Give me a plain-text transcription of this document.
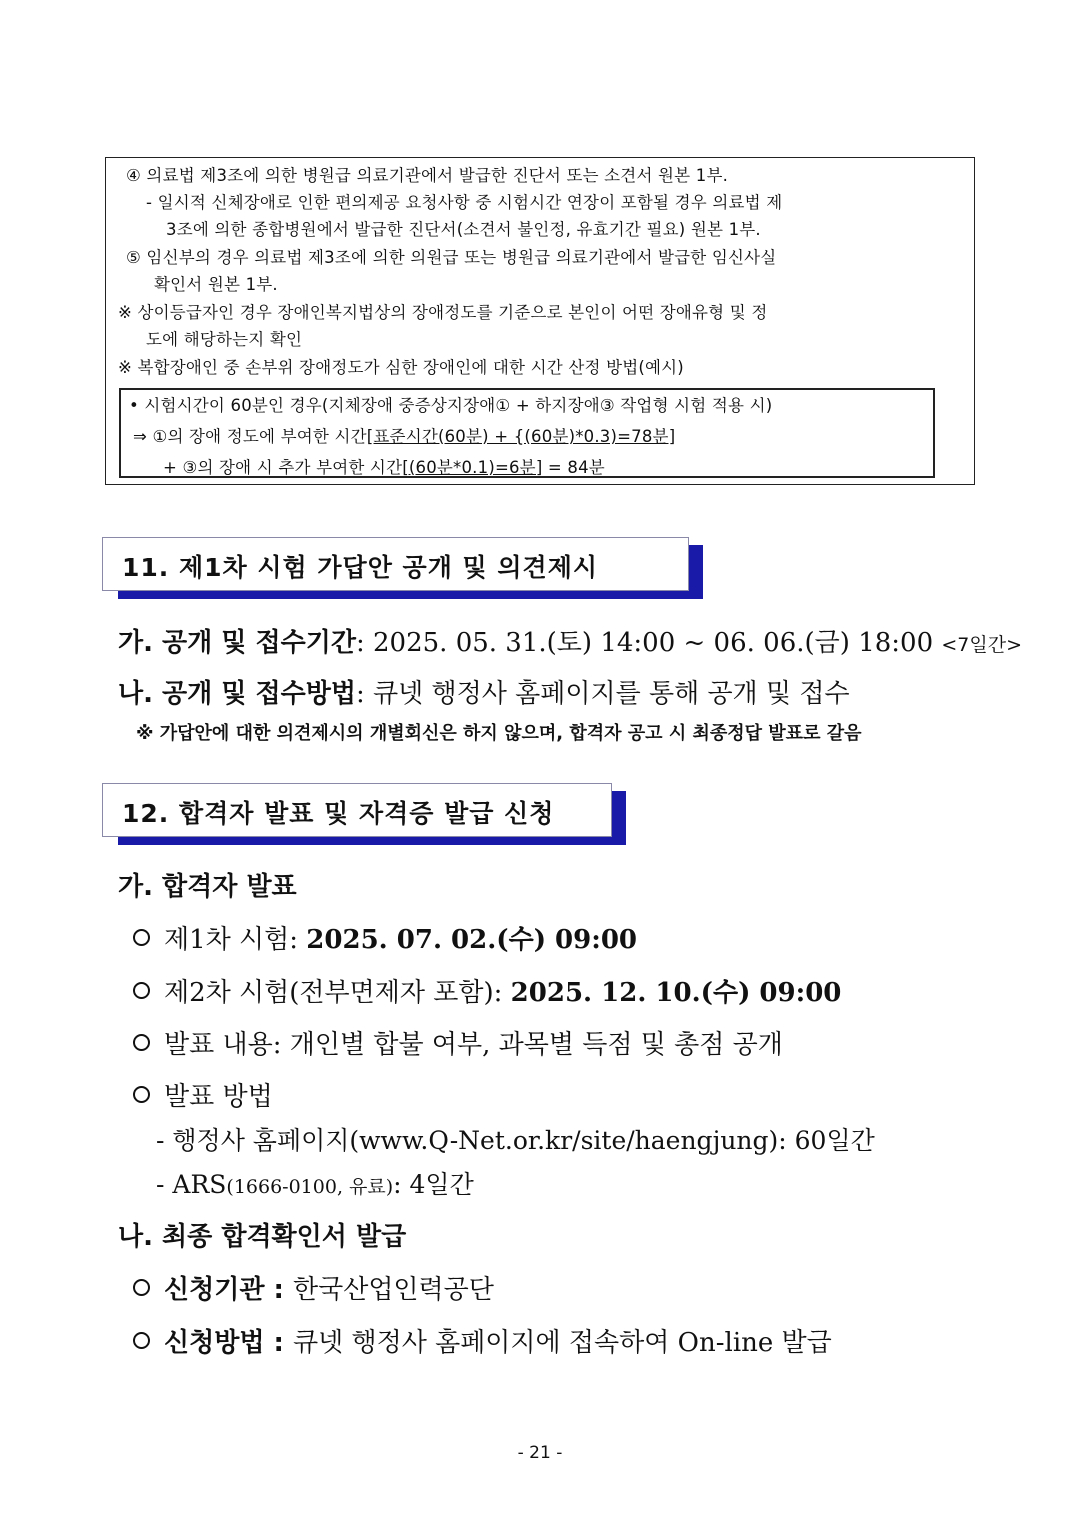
④ 의료법 제3조에 의한 병원급 의료기관에서 발급한 진단서 또는 소견서 원본 1부.
- 일시적 신체장애로 인한 편의제공 요청사항 중 시험시간 연장이 포함될 경우 의료법 제
3조에 의한 종합병원에서 발급한 진단서(소견서 불인정, 유효기간 필요) 원본 1부.
⑤ 임신부의 경우 의료법 제3조에 의한 의원급 또는 병원급 의료기관에서 발급한 임신사실
확인서 원본 1부.
※ 상이등급자인 경우 장애인복지법상의 장애정도를 기준으로 본인이 어떤 장애유형 및 정
도에 해당하는지 확인
※ 복합장애인 중 손부위 장애정도가 심한 장애인에 대한 시간 산정 방법(예시)
• 시험시간이 60분인 경우(지체장애 중증상지장애① + 하지장애③ 작업형 시험 적용 시)
⇒ ①의 장애 정도에 부여한 시간[표준시간(60분) + {(60분)*0.3)=78분]
+ ③의 장애 시 추가 부여한 시간[(60분*0.1)=6분] = 84분
11. 제1차 시험 가답안 공개 및 의견제시
가. 공개 및 접수기간: 2025. 05. 31.(토) 14:00 ~ 06. 06.(금) 18:00 <7일간>
나. 공개 및 접수방법: 큐넷 행정사 홈페이지를 통해 공개 및 접수
※ 가답안에 대한 의견제시의 개별회신은 하지 않으며, 합격자 공고 시 최종정답 발표로 갈음
12. 합격자 발표 및 자격증 발급 신청
가. 합격자 발표
제1차 시험: 2025. 07. 02.(수) 09:00
제2차 시험(전부면제자 포함): 2025. 12. 10.(수) 09:00
발표 내용: 개인별 합불 여부, 과목별 득점 및 총점 공개
발표 방법
- 행정사 홈페이지(www.Q-Net.or.kr/site/haengjung): 60일간
- ARS(1666-0100, 유료): 4일간
나. 최종 합격확인서 발급
신청기관 : 한국산업인력공단
신청방법 : 큐넷 행정사 홈페이지에 접속하여 On-line 발급
- 21 -
